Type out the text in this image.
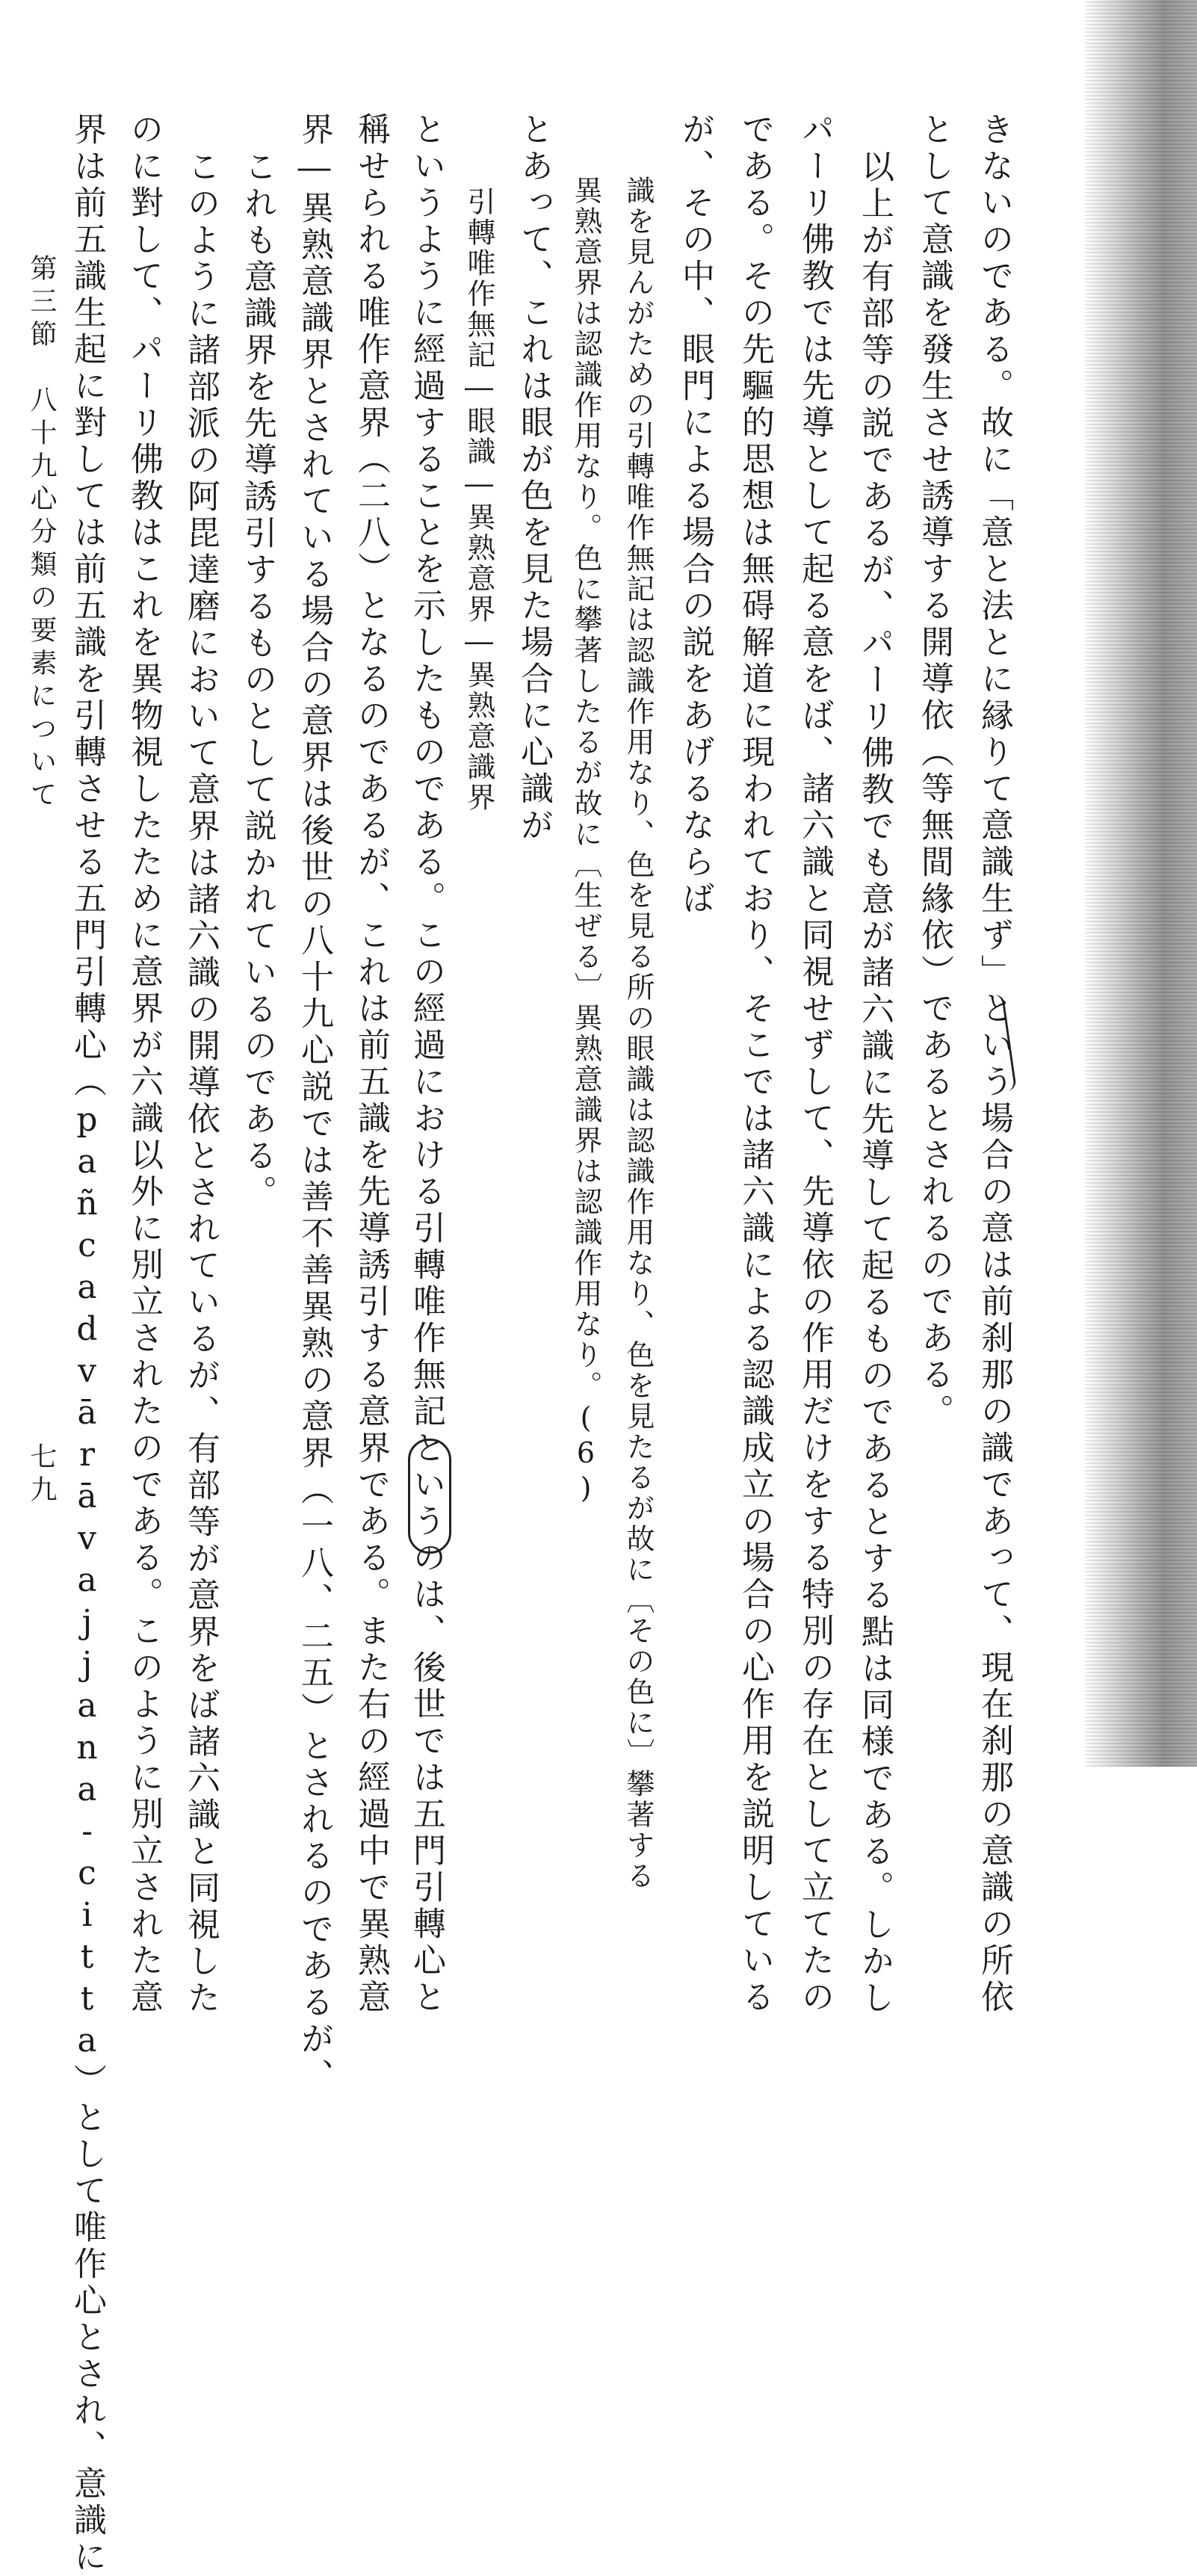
きないのである。故に「意と法とに縁りて意識生ず」という場合の意は前刹那の識であって、現在刹那の意識の所依
として意識を發生させ誘導する開導依（等無間緣依）であるとされるのである。
以上が有部等の説であるが、パーリ佛教でも意が諸六識に先導して起るものであるとする點は同様である。しかし
パーリ佛教では先導として起る意をば、諸六識と同視せずして、先導依の作用だけをする特別の存在として立てたの
である。その先驅的思想は無碍解道に現われており、そこでは諸六識による認識成立の場合の心作用を説明している
が、その中、眼門による場合の説をあげるならば
識を見んがための引轉唯作無記は認識作用なり、色を見る所の眼識は認識作用なり、色を見たるが故に〔その色に〕攀著する
異熟意界は認識作用なり。色に攀著したるが故に〔生ぜる〕異熟意識界は認識作用なり。(6)
とあって、これは眼が色を見た場合に心識が
引轉唯作無記―眼識―異熟意界―異熟意識界
というように經過することを示したものである。この經過における引轉唯作無記というのは、後世では五門引轉心と
稱せられる唯作意界（二八）となるのであるが、これは前五識を先導誘引する意界である。また右の經過中で異熟意
界―異熟意識界とされている場合の意界は後世の八十九心説では善不善異熟の意界（一八、二五）とされるのであるが、
これも意識界を先導誘引するものとして説かれているのである。
このように諸部派の阿毘達磨において意界は諸六識の開導依とされているが、有部等が意界をば諸六識と同視した
のに對して、パーリ佛教はこれを異物視したために意界が六識以外に別立されたのである。このように別立された意
界は前五識生起に對しては前五識を引轉させる五門引轉心（pañcadvārāvajjana-citta）として唯作心とされ、意識に
第三節　八十九心分類の要素について
七九
